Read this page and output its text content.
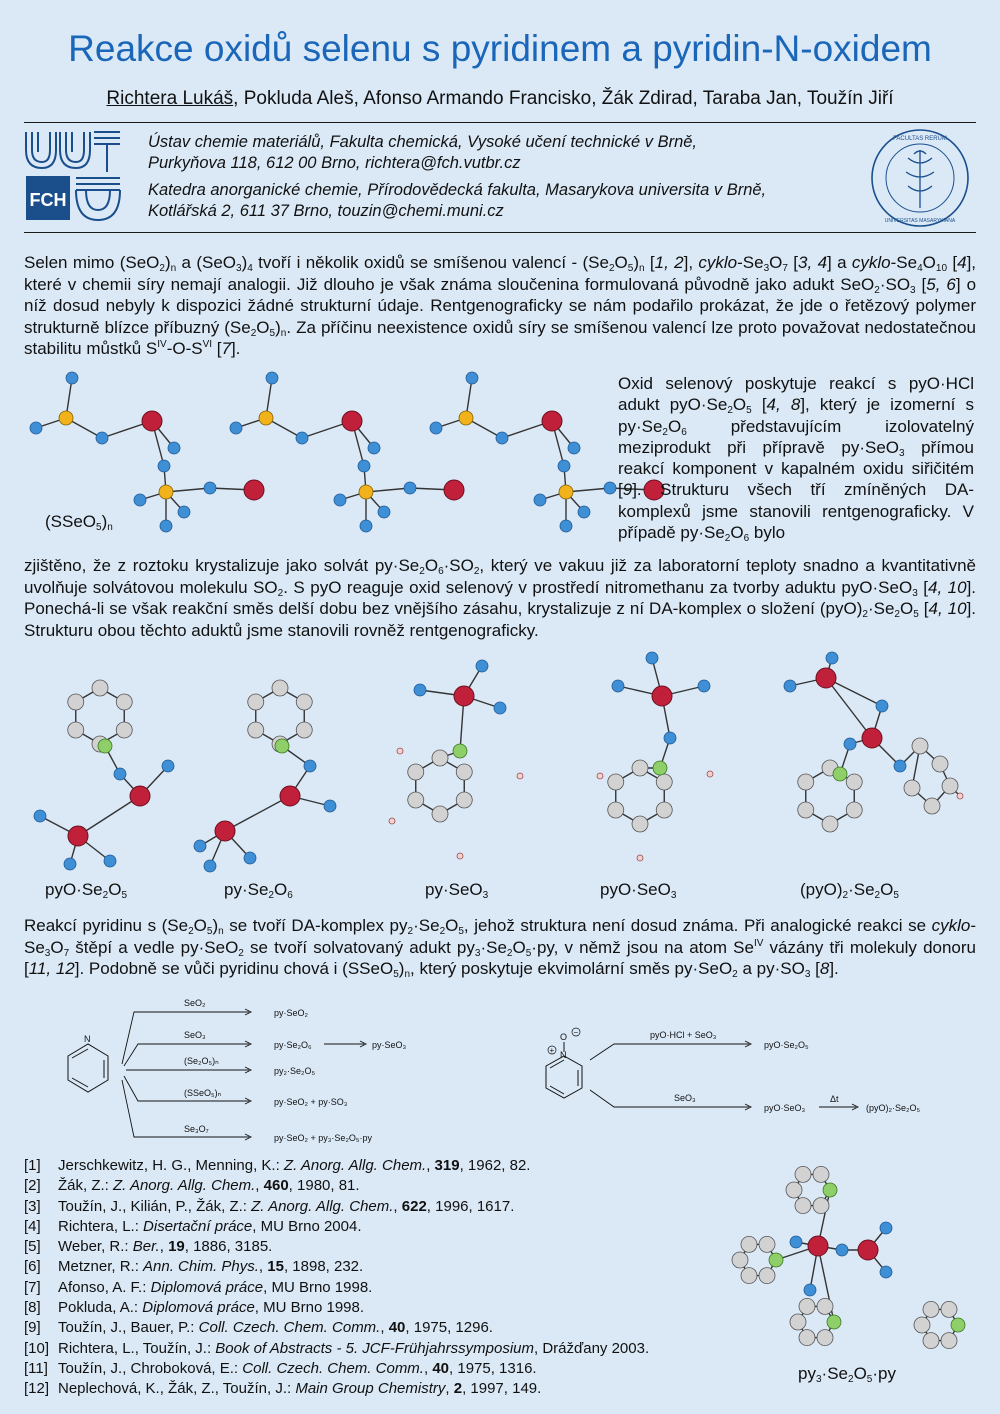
Reakce oxidů selenu s pyridinem a pyridin-N-oxidem
Richtera Lukáš, Pokluda Aleš, Afonso Armando Francisko, Žák Zdirad, Taraba Jan, Toužín Jiří
FCH
Ústav chemie materiálů, Fakulta chemická, Vysoké učení technické v Brně,
Purkyňova 118, 612 00 Brno, richtera@fch.vutbr.cz
Katedra anorganické chemie, Přírodovědecká fakulta, Masarykova universita v Brně,
Kotlářská 2, 611 37 Brno, touzin@chemi.muni.cz
FACULTAS RERUM
UNIVERSITAS MASARYKIANA
Selen mimo $(SeO_2)_n$ a $(SeO_3)_4$ tvoří i několik oxidů se smíšenou valencí - $(Se_2O_5)_n$ [1, 2], cyklo-$Se_3O_7$ [3, 4] a cyklo-$Se_4O_{10}$ [4], které v chemii síry nemají analogii. Již dlouho je však známa sloučenina formulovaná původně jako adukt $SeO_2\cdot SO_3$ [5, 6] o níž dosud nebyly k dispozici žádné strukturní údaje. Rentgenograficky se nám podařilo prokázat, že jde o řetězový polymer strukturně blízce příbuzný $(Se_2O_5)_n$. Za příčinu neexistence oxidů síry se smíšenou valencí lze proto považovat nedostatečnou stabilitu můstků $S^{IV}-O-S^{VI}$ [7].
$(SSeO_5)_n$
Oxid selenový poskytuje reakcí s pyO·HCl adukt $pyO\cdot Se_2O_5$ [4, 8], který je izomerní s $py\cdot Se_2O_6$ představujícím izolovatelný meziprodukt při přípravě py·SeO$_3$ přímou reakcí komponent v kapalném oxidu siřičitém [9]. Strukturu všech tří zmíněných DA-komplexů jsme stanovili rentgenograficky. V případě $py\cdot Se_2O_6$ bylo
zjištěno, že z roztoku krystalizuje jako solvát $py\cdot Se_2O_6\cdot SO_2$, který ve vakuu již za laboratorní teploty snadno a kvantitativně uvolňuje solvátovou molekulu $SO_2$. S pyO reaguje oxid selenový v prostředí nitromethanu za tvorby aduktu pyO·SeO$_3$ [4, 10]. Ponechá-li se však reakční směs delší dobu bez vnějšího zásahu, krystalizuje z ní DA-komplex o složení $(pyO)_2\cdot Se_2O_5$ [4, 10]. Strukturu obou těchto aduktů jsme stanovili rovněž rentgenograficky.
$pyO\cdot Se_2O_5$	$py\cdot Se_2O_6$	py·SeO$_3$	pyO·SeO$_3$	$(pyO)_2\cdot Se_2O_5$
Reakcí pyridinu s $(Se_2O_5)_n$ se tvoří DA-komplex $py_2\cdot Se_2O_5$, jehož struktura není dosud známa. Při analogické reakci se cyklo-$Se_3O_7$ štěpí a vedle py·SeO$_2$ se tvoří solvatovaný adukt $py_3\cdot Se_2O_5\cdot py$, v němž jsou na atom $Se^{IV}$ vázány tři molekuly donoru [11, 12]. Podobně se vůči pyridinu chová i $(SSeO_5)_n$, který poskytuje ekvimolární směs py·SeO$_2$ a $py\cdot SO_3$ [8].
N
SeO₂
SeO₃
(Se₂O₅)ₙ
(SSeO₅)ₙ
Se₃O₇
py·SeO₂
py·Se₂O₆	py·SeO₃
py₂·Se₂O₅
py·SeO₂ + py·SO₃
py·SeO₂ + py₃·Se₂O₅·py
O
N
−
+
pyO·HCl + SeO₃
pyO·Se₂O₅
SeO₃
pyO·SeO₃
Δt
(pyO)₂·Se₂O₅
[1] Jerschkewitz, H. G., Menning, K.: Z. Anorg. Allg. Chem., 319, 1962, 82.
[2] Žák, Z.: Z. Anorg. Allg. Chem., 460, 1980, 81.
[3] Toužín, J., Kilián, P., Žák, Z.: Z. Anorg. Allg. Chem., 622, 1996, 1617.
[4] Richtera, L.: Disertační práce, MU Brno 2004.
[5] Weber, R.: Ber., 19, 1886, 3185.
[6] Metzner, R.: Ann. Chim. Phys., 15, 1898, 232.
[7] Afonso, A. F.: Diplomová práce, MU Brno 1998.
[8] Pokluda, A.: Diplomová práce, MU Brno 1998.
[9] Toužín, J., Bauer, P.: Coll. Czech. Chem. Comm., 40, 1975, 1296.
[10] Richtera, L., Toužín, J.: Book of Abstracts - 5. JCF-Frühjahrssymposium, Drážďany 2003.
[11] Toužín, J., Chroboková, E.: Coll. Czech. Chem. Comm., 40, 1975, 1316.
[12] Neplechová, K., Žák, Z., Toužín, J.: Main Group Chemistry, 2, 1997, 149.
$py_3\cdot Se_2O_5\cdot py$
